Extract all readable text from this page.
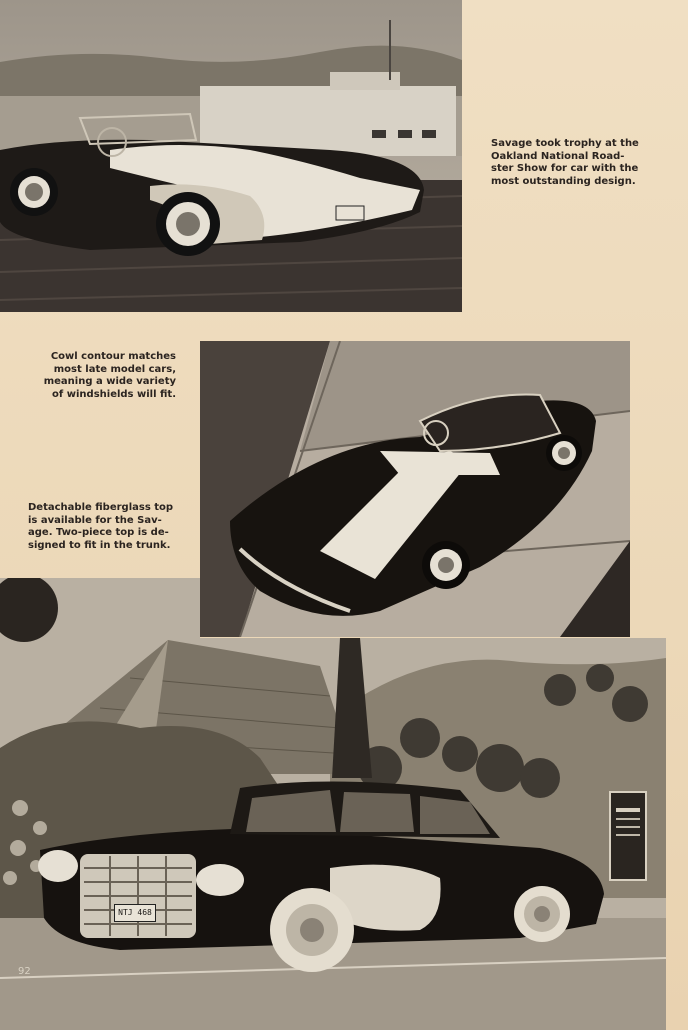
Savage took trophy at the
Oakland National Road-
ster Show for car with the
most outstanding design.
Cowl contour matches
most late model cars,
meaning a wide variety
of windshields will fit.
Detachable fiberglass top
is available for the Sav-
age. Two-piece top is de-
signed to fit in the trunk.
NTJ 468
92
